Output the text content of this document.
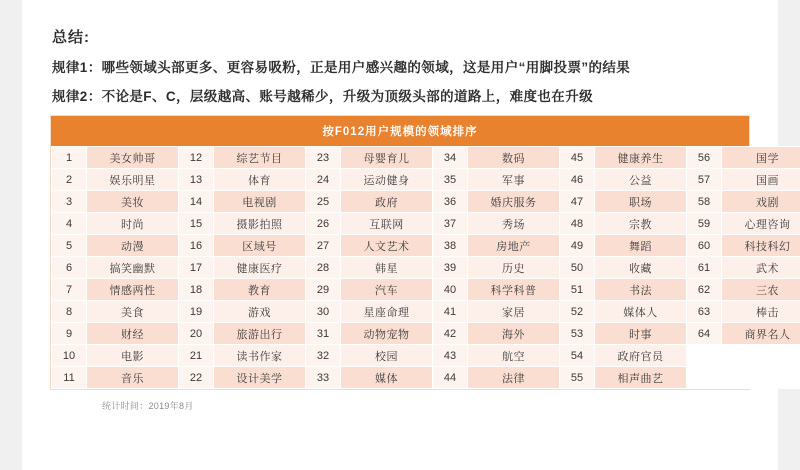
总结:
规律1：哪些领域头部更多、更容易吸粉，正是用户感兴趣的领域，这是用户“用脚投票”的结果
规律2：不论是F、C，层级越高、账号越稀少，升级为顶级头部的道路上，难度也在升级
按F012用户规模的领域排序
1	美女帅哥	12	综艺节目	23	母婴育儿	34	数码	45	健康养生	56	国学
2	娱乐明星	13	体育	24	运动健身	35	军事	46	公益	57	国画
3	美妆	14	电视剧	25	政府	36	婚庆服务	47	职场	58	戏剧
4	时尚	15	摄影拍照	26	互联网	37	秀场	48	宗教	59	心理咨询
5	动漫	16	区域号	27	人文艺术	38	房地产	49	舞蹈	60	科技科幻
6	搞笑幽默	17	健康医疗	28	韩星	39	历史	50	收藏	61	武术
7	情感两性	18	教育	29	汽车	40	科学科普	51	书法	62	三农
8	美食	19	游戏	30	星座命理	41	家居	52	媒体人	63	棒击
9	财经	20	旅游出行	31	动物宠物	42	海外	53	时事	64	商界名人
10	电影	21	读书作家	32	校园	43	航空	54	政府官员		
11	音乐	22	设计美学	33	媒体	44	法律	55	相声曲艺		
统计时间：2019年8月
